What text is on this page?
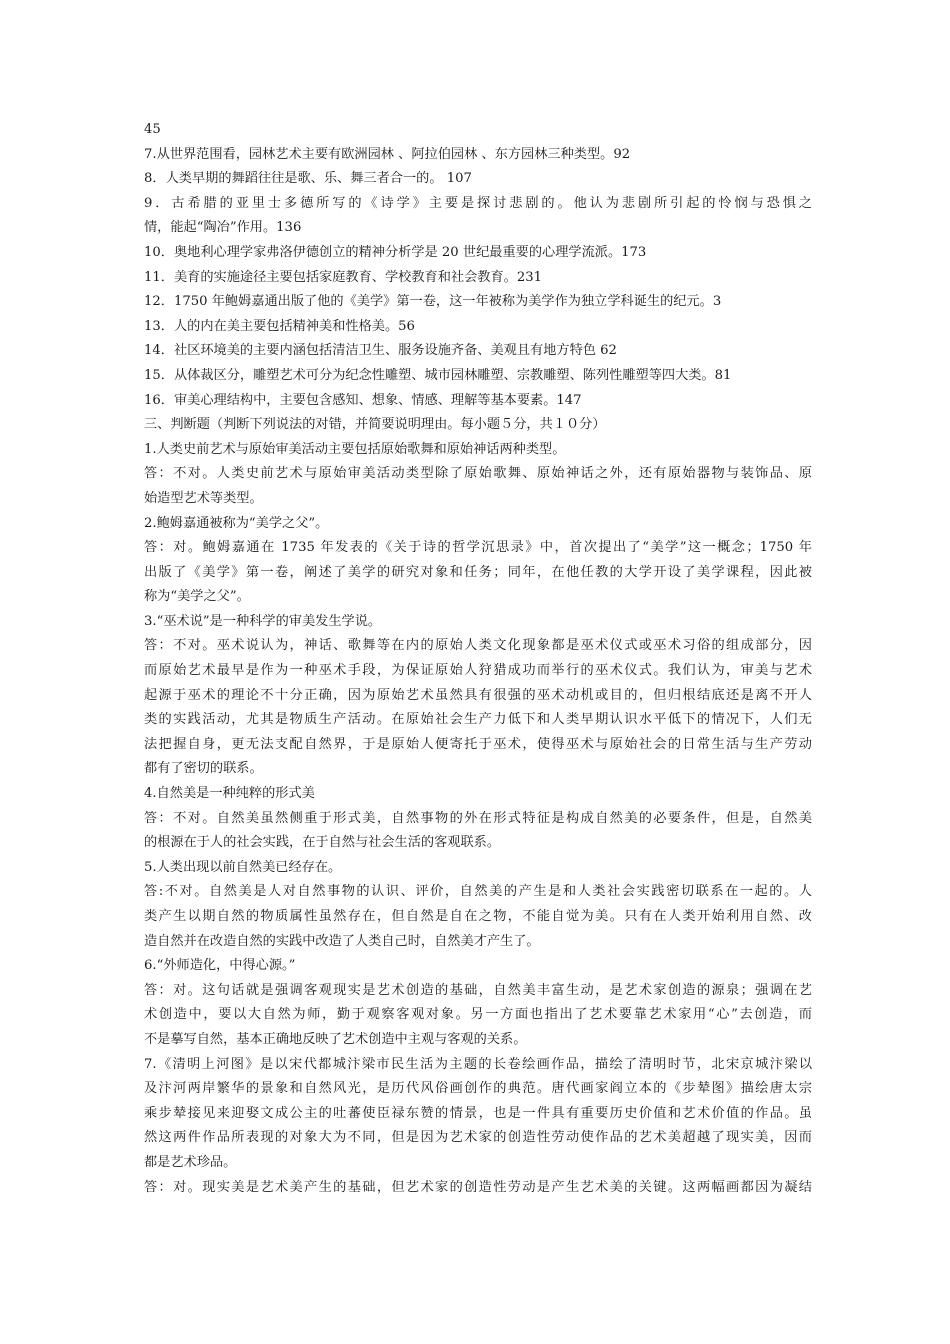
45
7.从世界范围看，园林艺术主要有欧洲园林 、阿拉伯园林 、东方园林三种类型。92
8．人类早期的舞蹈往往是歌、乐、舞三者合一的。 107
9．古希腊的亚里士多德所写的《诗学》主要是探讨悲剧的。他认为悲剧所引起的怜悯与恐惧之
情，能起“陶冶”作用。136
10．奥地利心理学家弗洛伊德创立的精神分析学是 20 世纪最重要的心理学流派。173
11．美育的实施途径主要包括家庭教育、学校教育和社会教育。231
12．1750 年鲍姆嘉通出版了他的《美学》第一卷，这一年被称为美学作为独立学科诞生的纪元。3
13．人的内在美主要包括精神美和性格美。56
14．社区环境美的主要内涵包括清洁卫生、服务设施齐备、美观且有地方特色 62
15．从体裁区分，雕塑艺术可分为纪念性雕塑、城市园林雕塑、宗教雕塑、陈列性雕塑等四大类。81
16．审美心理结构中，主要包含感知、想象、情感、理解等基本要素。147
三、判断题（判断下列说法的对错，并简要说明理由。每小题５分，共１０分）
1.人类史前艺术与原始审美活动主要包括原始歌舞和原始神话两种类型。
答：不对。人类史前艺术与原始审美活动类型除了原始歌舞、原始神话之外，还有原始器物与装饰品、原
始造型艺术等类型。
2.鲍姆嘉通被称为“美学之父”。
答：对。鲍姆嘉通在 1735 年发表的《关于诗的哲学沉思录》中，首次提出了“美学”这一概念；1750 年
出版了《美学》第一卷，阐述了美学的研究对象和任务；同年，在他任教的大学开设了美学课程，因此被
称为“美学之父”。
3.“巫术说”是一种科学的审美发生学说。
答：不对。巫术说认为，神话、歌舞等在内的原始人类文化现象都是巫术仪式或巫术习俗的组成部分，因
而原始艺术最早是作为一种巫术手段，为保证原始人狩猎成功而举行的巫术仪式。我们认为，审美与艺术
起源于巫术的理论不十分正确，因为原始艺术虽然具有很强的巫术动机或目的，但归根结底还是离不开人
类的实践活动，尤其是物质生产活动。在原始社会生产力低下和人类早期认识水平低下的情况下，人们无
法把握自身，更无法支配自然界，于是原始人便寄托于巫术，使得巫术与原始社会的日常生活与生产劳动
都有了密切的联系。
4.自然美是一种纯粹的形式美
答：不对。自然美虽然侧重于形式美，自然事物的外在形式特征是构成自然美的必要条件，但是，自然美
的根源在于人的社会实践，在于自然与社会生活的客观联系。
5.人类出现以前自然美已经存在。
答:不对。自然美是人对自然事物的认识、评价，自然美的产生是和人类社会实践密切联系在一起的。人
类产生以期自然的物质属性虽然存在，但自然是自在之物，不能自觉为美。只有在人类开始利用自然、改
造自然并在改造自然的实践中改造了人类自己时，自然美才产生了。
6.“外师造化，中得心源。”
答：对。这句话就是强调客观现实是艺术创造的基础，自然美丰富生动，是艺术家创造的源泉；强调在艺
术创造中，要以大自然为师，勤于观察客观对象。另一方面也指出了艺术要靠艺术家用“心”去创造，而
不是摹写自然，基本正确地反映了艺术创造中主观与客观的关系。
7.《清明上河图》是以宋代都城汴梁市民生活为主题的长卷绘画作品，描绘了清明时节，北宋京城汴梁以
及汴河两岸繁华的景象和自然风光，是历代风俗画创作的典范。唐代画家阎立本的《步辇图》描绘唐太宗
乘步辇接见来迎娶文成公主的吐蕃使臣禄东赞的情景，也是一件具有重要历史价值和艺术价值的作品。虽
然这两件作品所表现的对象大为不同，但是因为艺术家的创造性劳动使作品的艺术美超越了现实美，因而
都是艺术珍品。
答：对。现实美是艺术美产生的基础，但艺术家的创造性劳动是产生艺术美的关键。这两幅画都因为凝结
